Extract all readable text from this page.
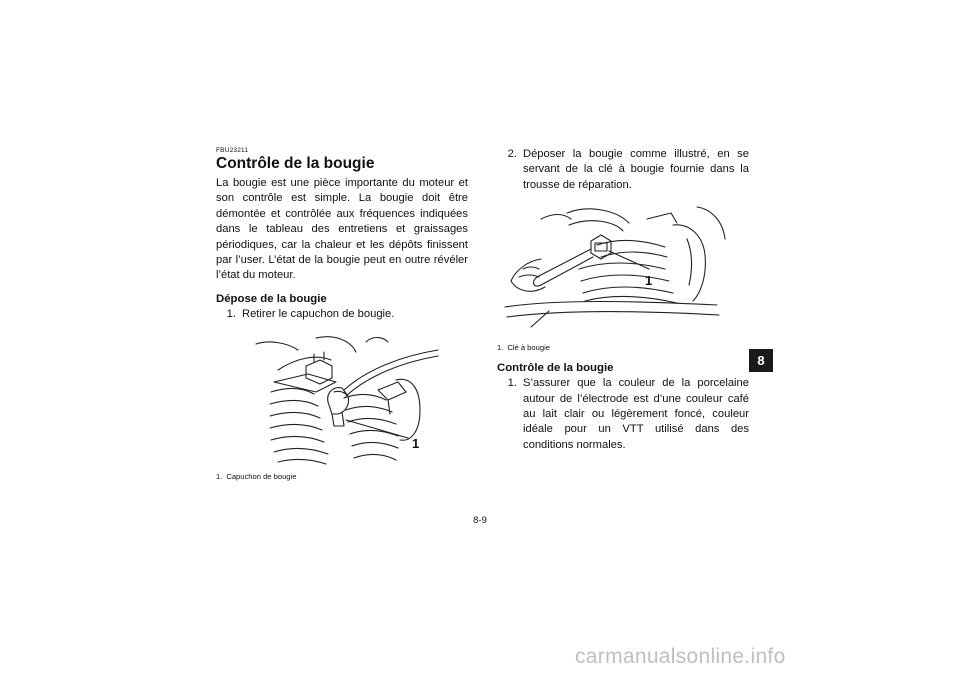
FBU23211

Contrôle de la bougie

La bougie est une pièce importante du moteur et son contrôle est simple. La bougie doit être démontée et contrôlée aux fréquences indiquées dans le tableau des entretiens et graissages périodiques, car la chaleur et les dépôts finissent par l’user. L’état de la bougie peut en outre révéler l’état du moteur.

Dépose de la bougie
1. Retirer le capuchon de bougie.
1

1. Capuchon de bougie

2. Déposer la bougie comme illustré, en se servant de la clé à bougie fournie dans la trousse de réparation.
1

1. Clé à bougie

Contrôle de la bougie
1. S’assurer que la couleur de la porcelaine autour de l’électrode est d’une couleur café au lait clair ou légèrement foncé, couleur idéale pour un VTT utilisé dans des conditions normales.
8
8-9
carmanualsonline.info
